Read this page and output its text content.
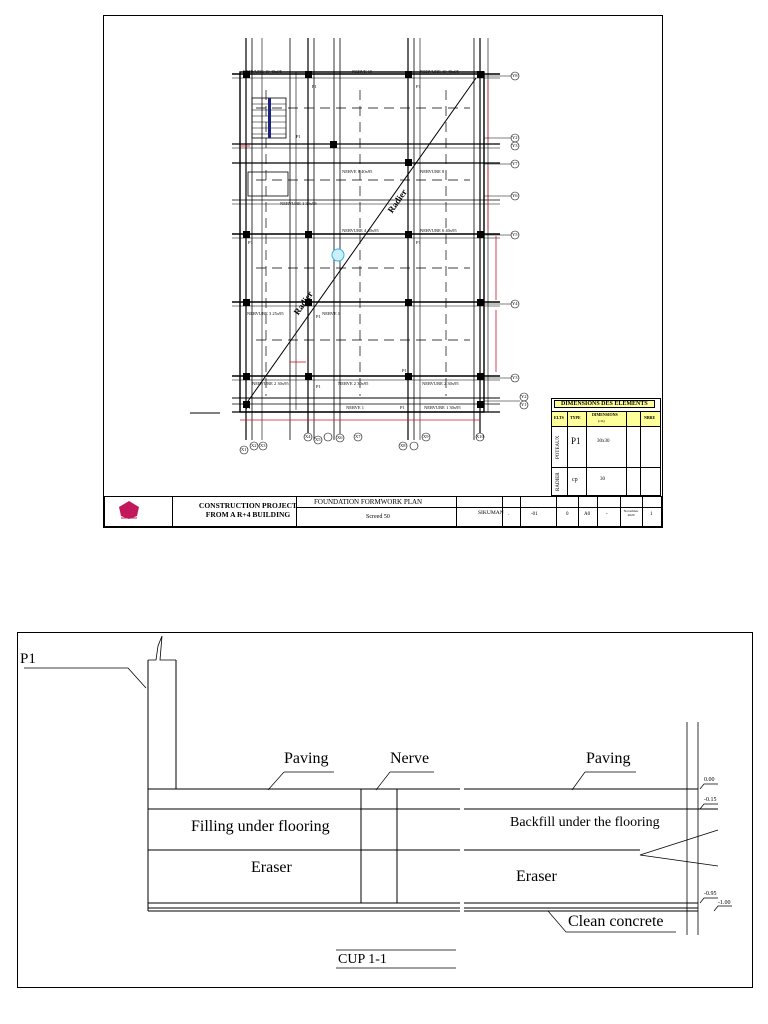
NERVURE 10 40x95	NERVE 10	NERVURE 10 40x95
NERVE 8 40x95	NERVURE 8
NERVURE 1 30x95
NERVURE 4 40x95	NERVURE 6 40x95
NERVURE 3 25x95	NERVE 1
NERVURE 2 30x95	NERVE 2 30x95	NERVURE 2 30x95
NERVE 1	NERVURE 1 30x95
P1	P1
P1
P1	P1
P1
P1
P1
P1	P1
Radier
Radier
Y8
Y2
Y3
Y7
Y6
Y5
Y4
Y3
Y2
Y1
X1
X2 X3
X4
X5	X6	X7
X8
X9	X10
DIMENSIONS DES ELEMENTS
ELTS TYPE
DIMENSIONS
(cm)
NBRE
POTEAUX P1	30x30
RADIER cp	30
CONSTRUCTION PROJECT FROM A R+4 BUILDING
FOUNDATION FORMWORK PLAN
Screed 50
SIKUMAN -	-01	0	A0	-
November 2020	1
P1
Paving	Nerve	Paving
Filling under flooring	Backfill under the flooring
Eraser
Eraser
Clean concrete
0.00
-0.15
-0.95
-1.00
CUP 1-1
